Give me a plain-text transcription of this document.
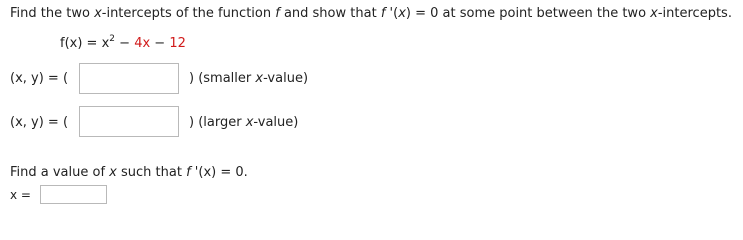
Find the two x-intercepts of the function f and show that f '(x) = 0 at some point between the two x-intercepts.
$f(x) = x^2 - 4x - 12$
(x, y) = (	) (smaller x-value)
(x, y) = (	) (larger x-value)
Find a value of x such that f '(x) = 0.
x =
